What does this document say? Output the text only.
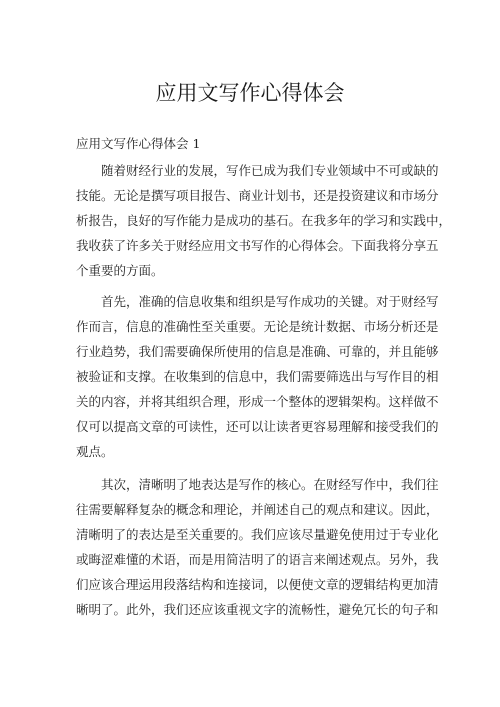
应用文写作心得体会

应用文写作心得体会 1

随着财经行业的发展，写作已成为我们专业领域中不可或缺的

技能。无论是撰写项目报告、商业计划书，还是投资建议和市场分

析报告，良好的写作能力是成功的基石。在我多年的学习和实践中，

我收获了许多关于财经应用文书写作的心得体会。下面我将分享五

个重要的方面。

首先，准确的信息收集和组织是写作成功的关键。对于财经写

作而言，信息的准确性至关重要。无论是统计数据、市场分析还是

行业趋势，我们需要确保所使用的信息是准确、可靠的，并且能够

被验证和支撑。在收集到的信息中，我们需要筛选出与写作目的相

关的内容，并将其组织合理，形成一个整体的逻辑架构。这样做不

仅可以提高文章的可读性，还可以让读者更容易理解和接受我们的

观点。

其次，清晰明了地表达是写作的核心。在财经写作中，我们往

往需要解释复杂的概念和理论，并阐述自己的观点和建议。因此，

清晰明了的表达是至关重要的。我们应该尽量避免使用过于专业化

或晦涩难懂的术语，而是用简洁明了的语言来阐述观点。另外，我

们应该合理运用段落结构和连接词，以便使文章的逻辑结构更加清

晰明了。此外，我们还应该重视文字的流畅性，避免冗长的句子和
